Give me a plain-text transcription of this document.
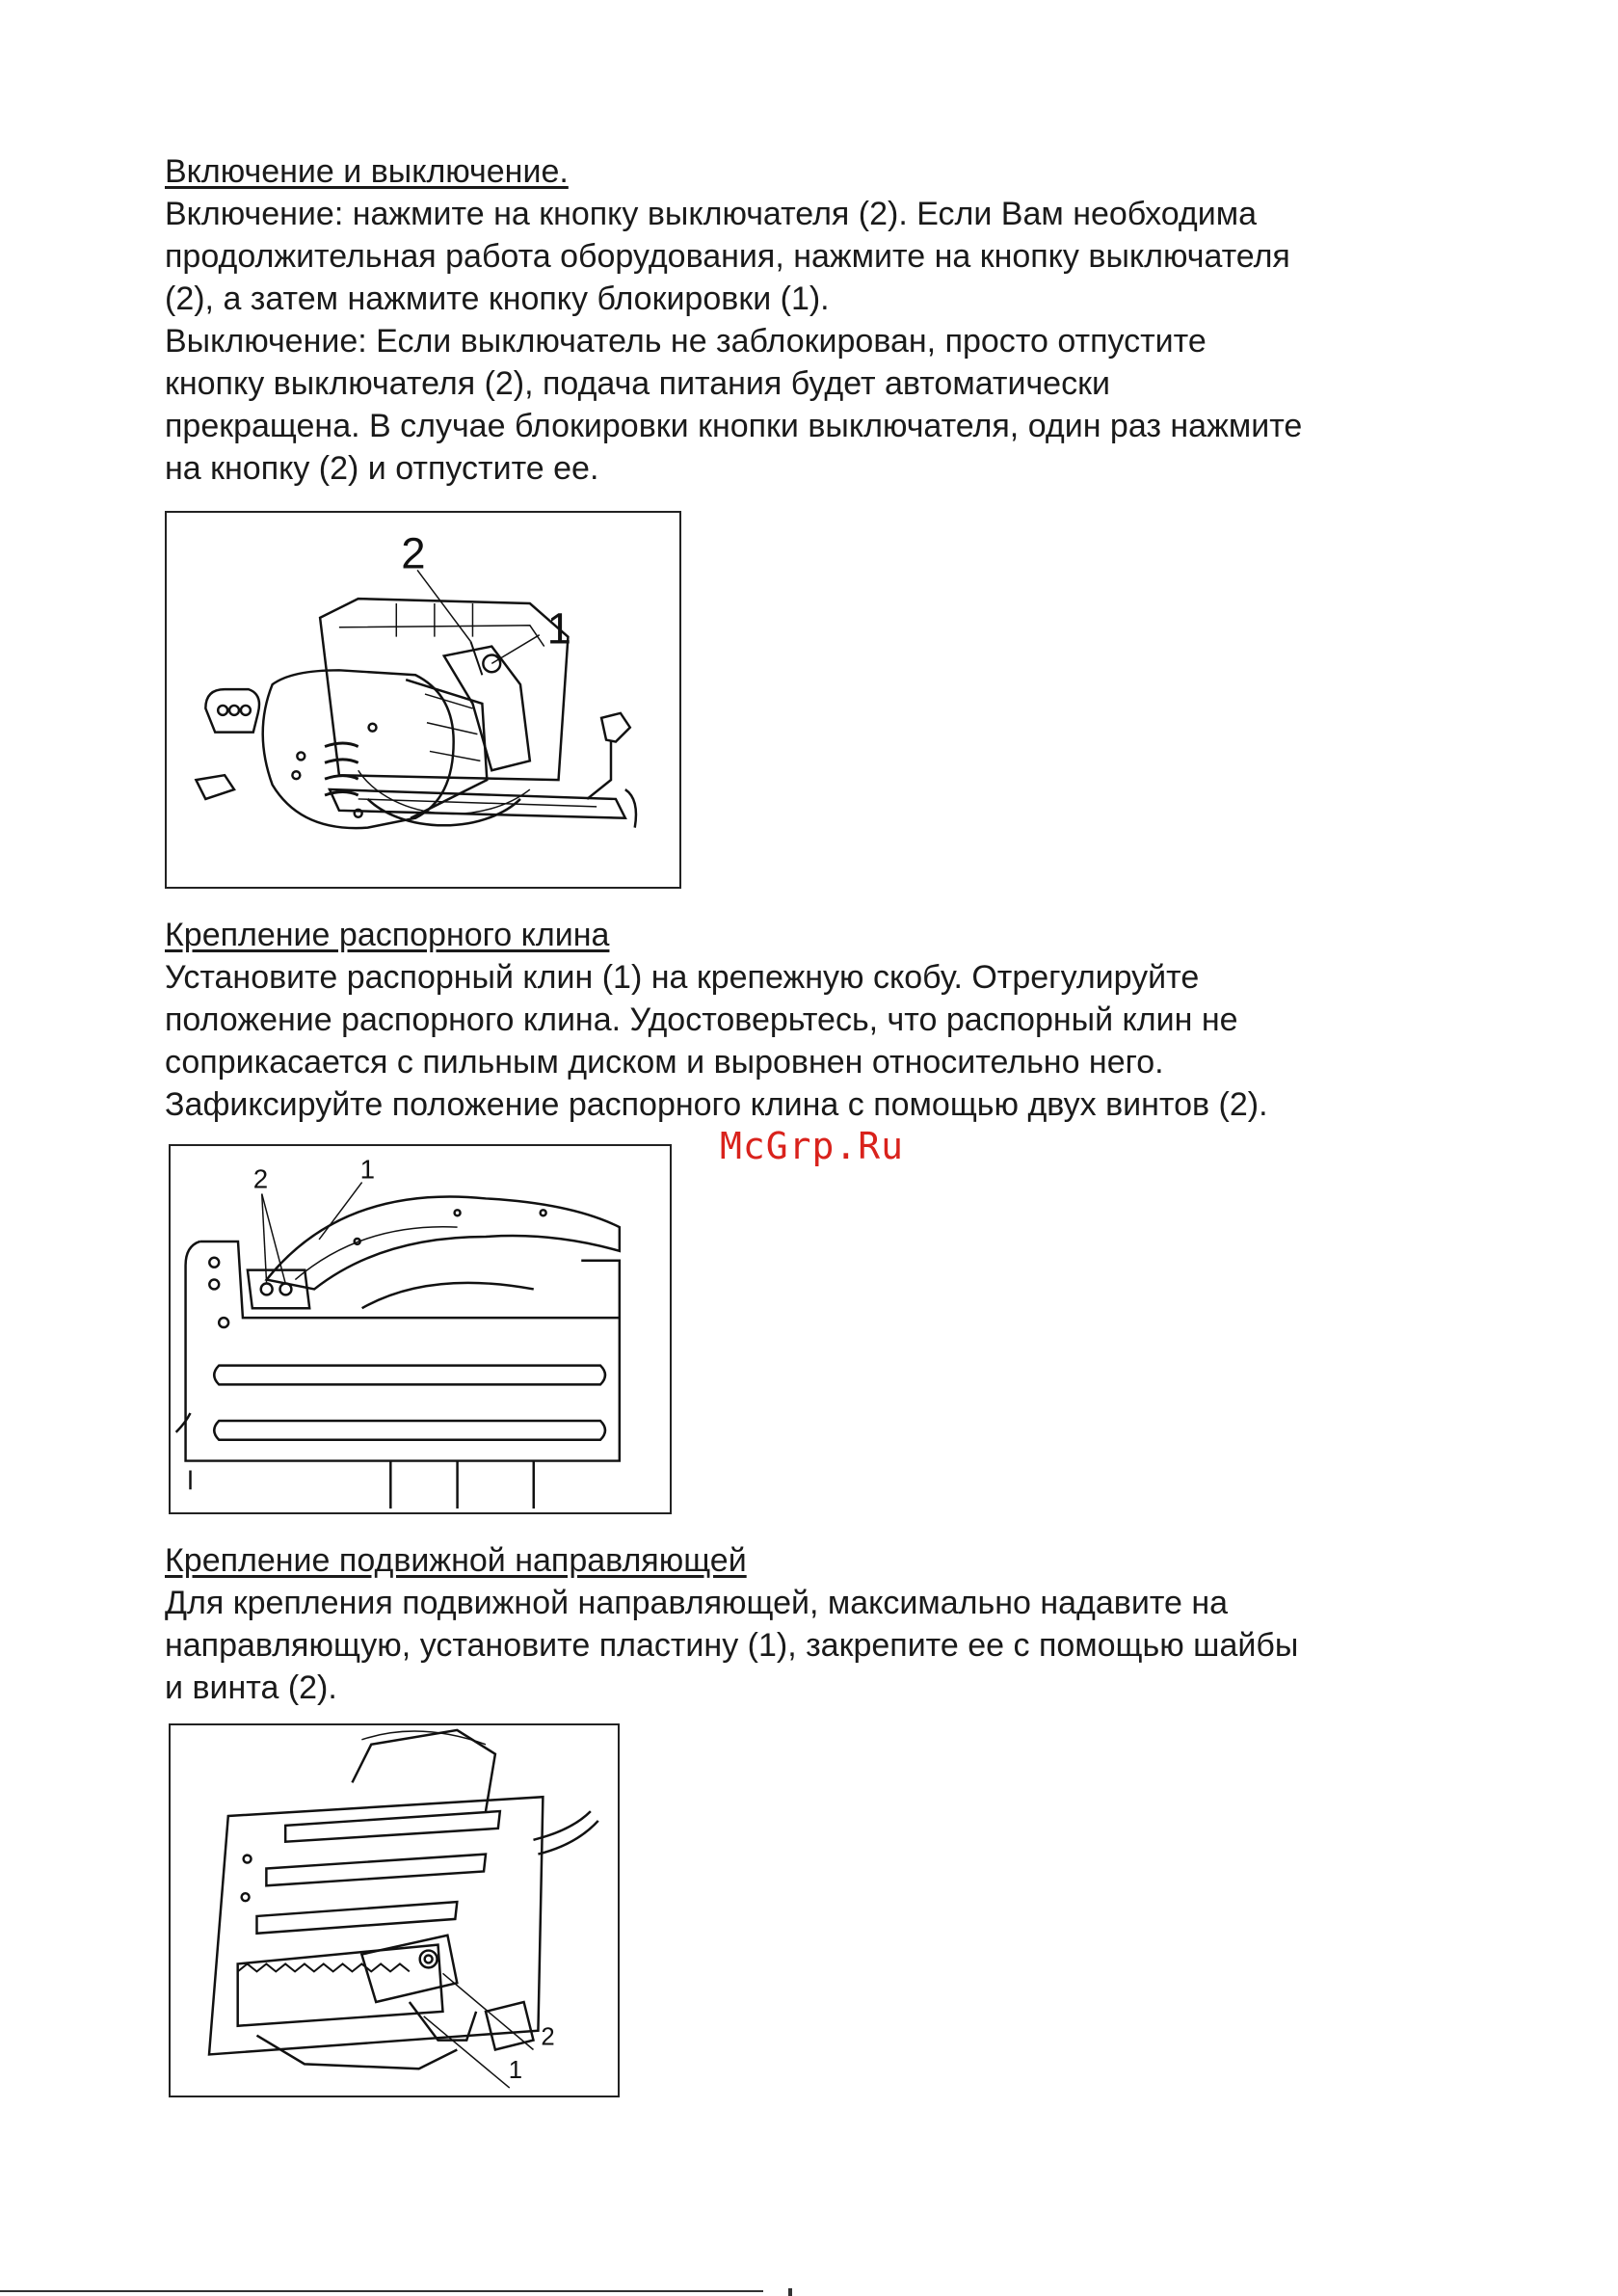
Включение и выключение.

Включение: нажмите на кнопку выключателя (2). Если Вам необходима
продолжительная работа оборудования, нажмите на кнопку выключателя
(2), а затем нажмите кнопку блокировки (1).
Выключение: Если выключатель не заблокирован, просто отпустите
кнопку выключателя (2), подача питания будет автоматически
прекращена. В случае блокировки кнопки выключателя, один раз нажмите
на кнопку (2) и отпустите ее.

2
1
Крепление распорного клина

Установите распорный клин (1) на крепежную скобу. Отрегулируйте
положение распорного клина. Удостоверьтесь, что распорный клин не
соприкасается с пильным диском и выровнен относительно него.
Зафиксируйте положение распорного клина с помощью двух винтов (2).

McGrp.Ru
2	1
Крепление подвижной направляющей

Для крепления подвижной направляющей, максимально надавите на
направляющую, установите пластину (1), закрепите ее с помощью шайбы
и винта (2).

1
2
